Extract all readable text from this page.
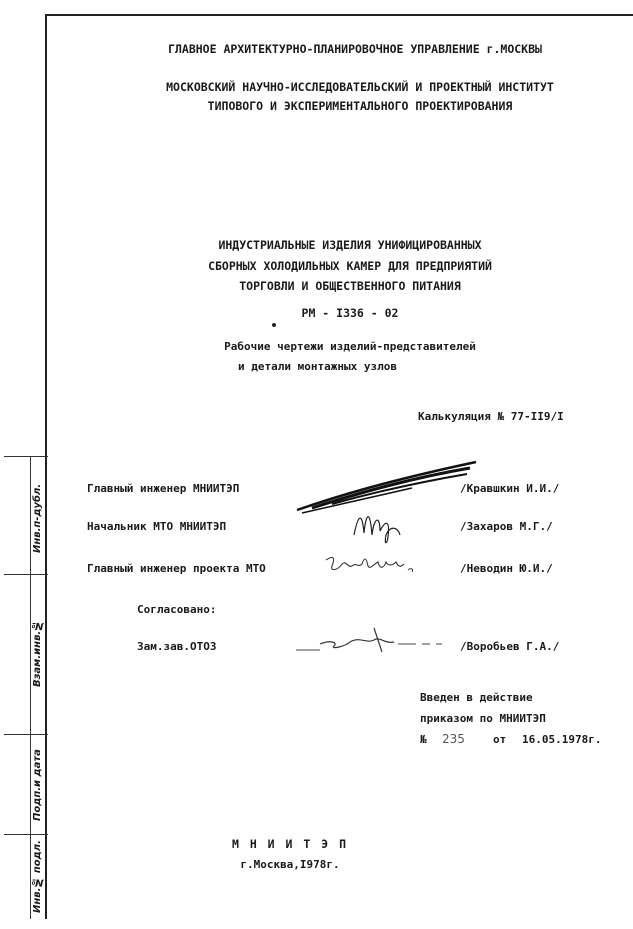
Инв.п-дубл.
Взам.инв.№
Подп.и дата
Инв.№ подл.
ГЛАВНОЕ АРХИТЕКТУРНО-ПЛАНИРОВОЧНОЕ УПРАВЛЕНИЕ г.МОСКВЫ
МОСКОВСКИЙ НАУЧНО-ИССЛЕДОВАТЕЛЬСКИЙ И ПРОЕКТНЫЙ ИНСТИТУТ
ТИПОВОГО И ЭКСПЕРИМЕНТАЛЬНОГО ПРОЕКТИРОВАНИЯ
ИНДУСТРИАЛЬНЫЕ ИЗДЕЛИЯ УНИФИЦИРОВАННЫХ
СБОРНЫХ ХОЛОДИЛЬНЫХ КАМЕР ДЛЯ ПРЕДПРИЯТИЙ
ТОРГОВЛИ И ОБЩЕСТВЕННОГО ПИТАНИЯ
РМ - I336 - 02
Рабочие чертежи изделий-представителей
и детали монтажных узлов
Калькуляция № 77-II9/I
Главный инженер МНИИТЭП	/Кравшкин И.И./
Начальник МТО МНИИТЭП	/Захаров М.Г./
Главный инженер проекта МТО	/Неводин Ю.И./
Согласовано:
Зам.зав.ОТОЗ	/Воробьев Г.А./
Введен в действие
приказом по МНИИТЭП
№ 235	от 16.05.1978г.
М Н И И Т Э П
г.Москва,I978г.
